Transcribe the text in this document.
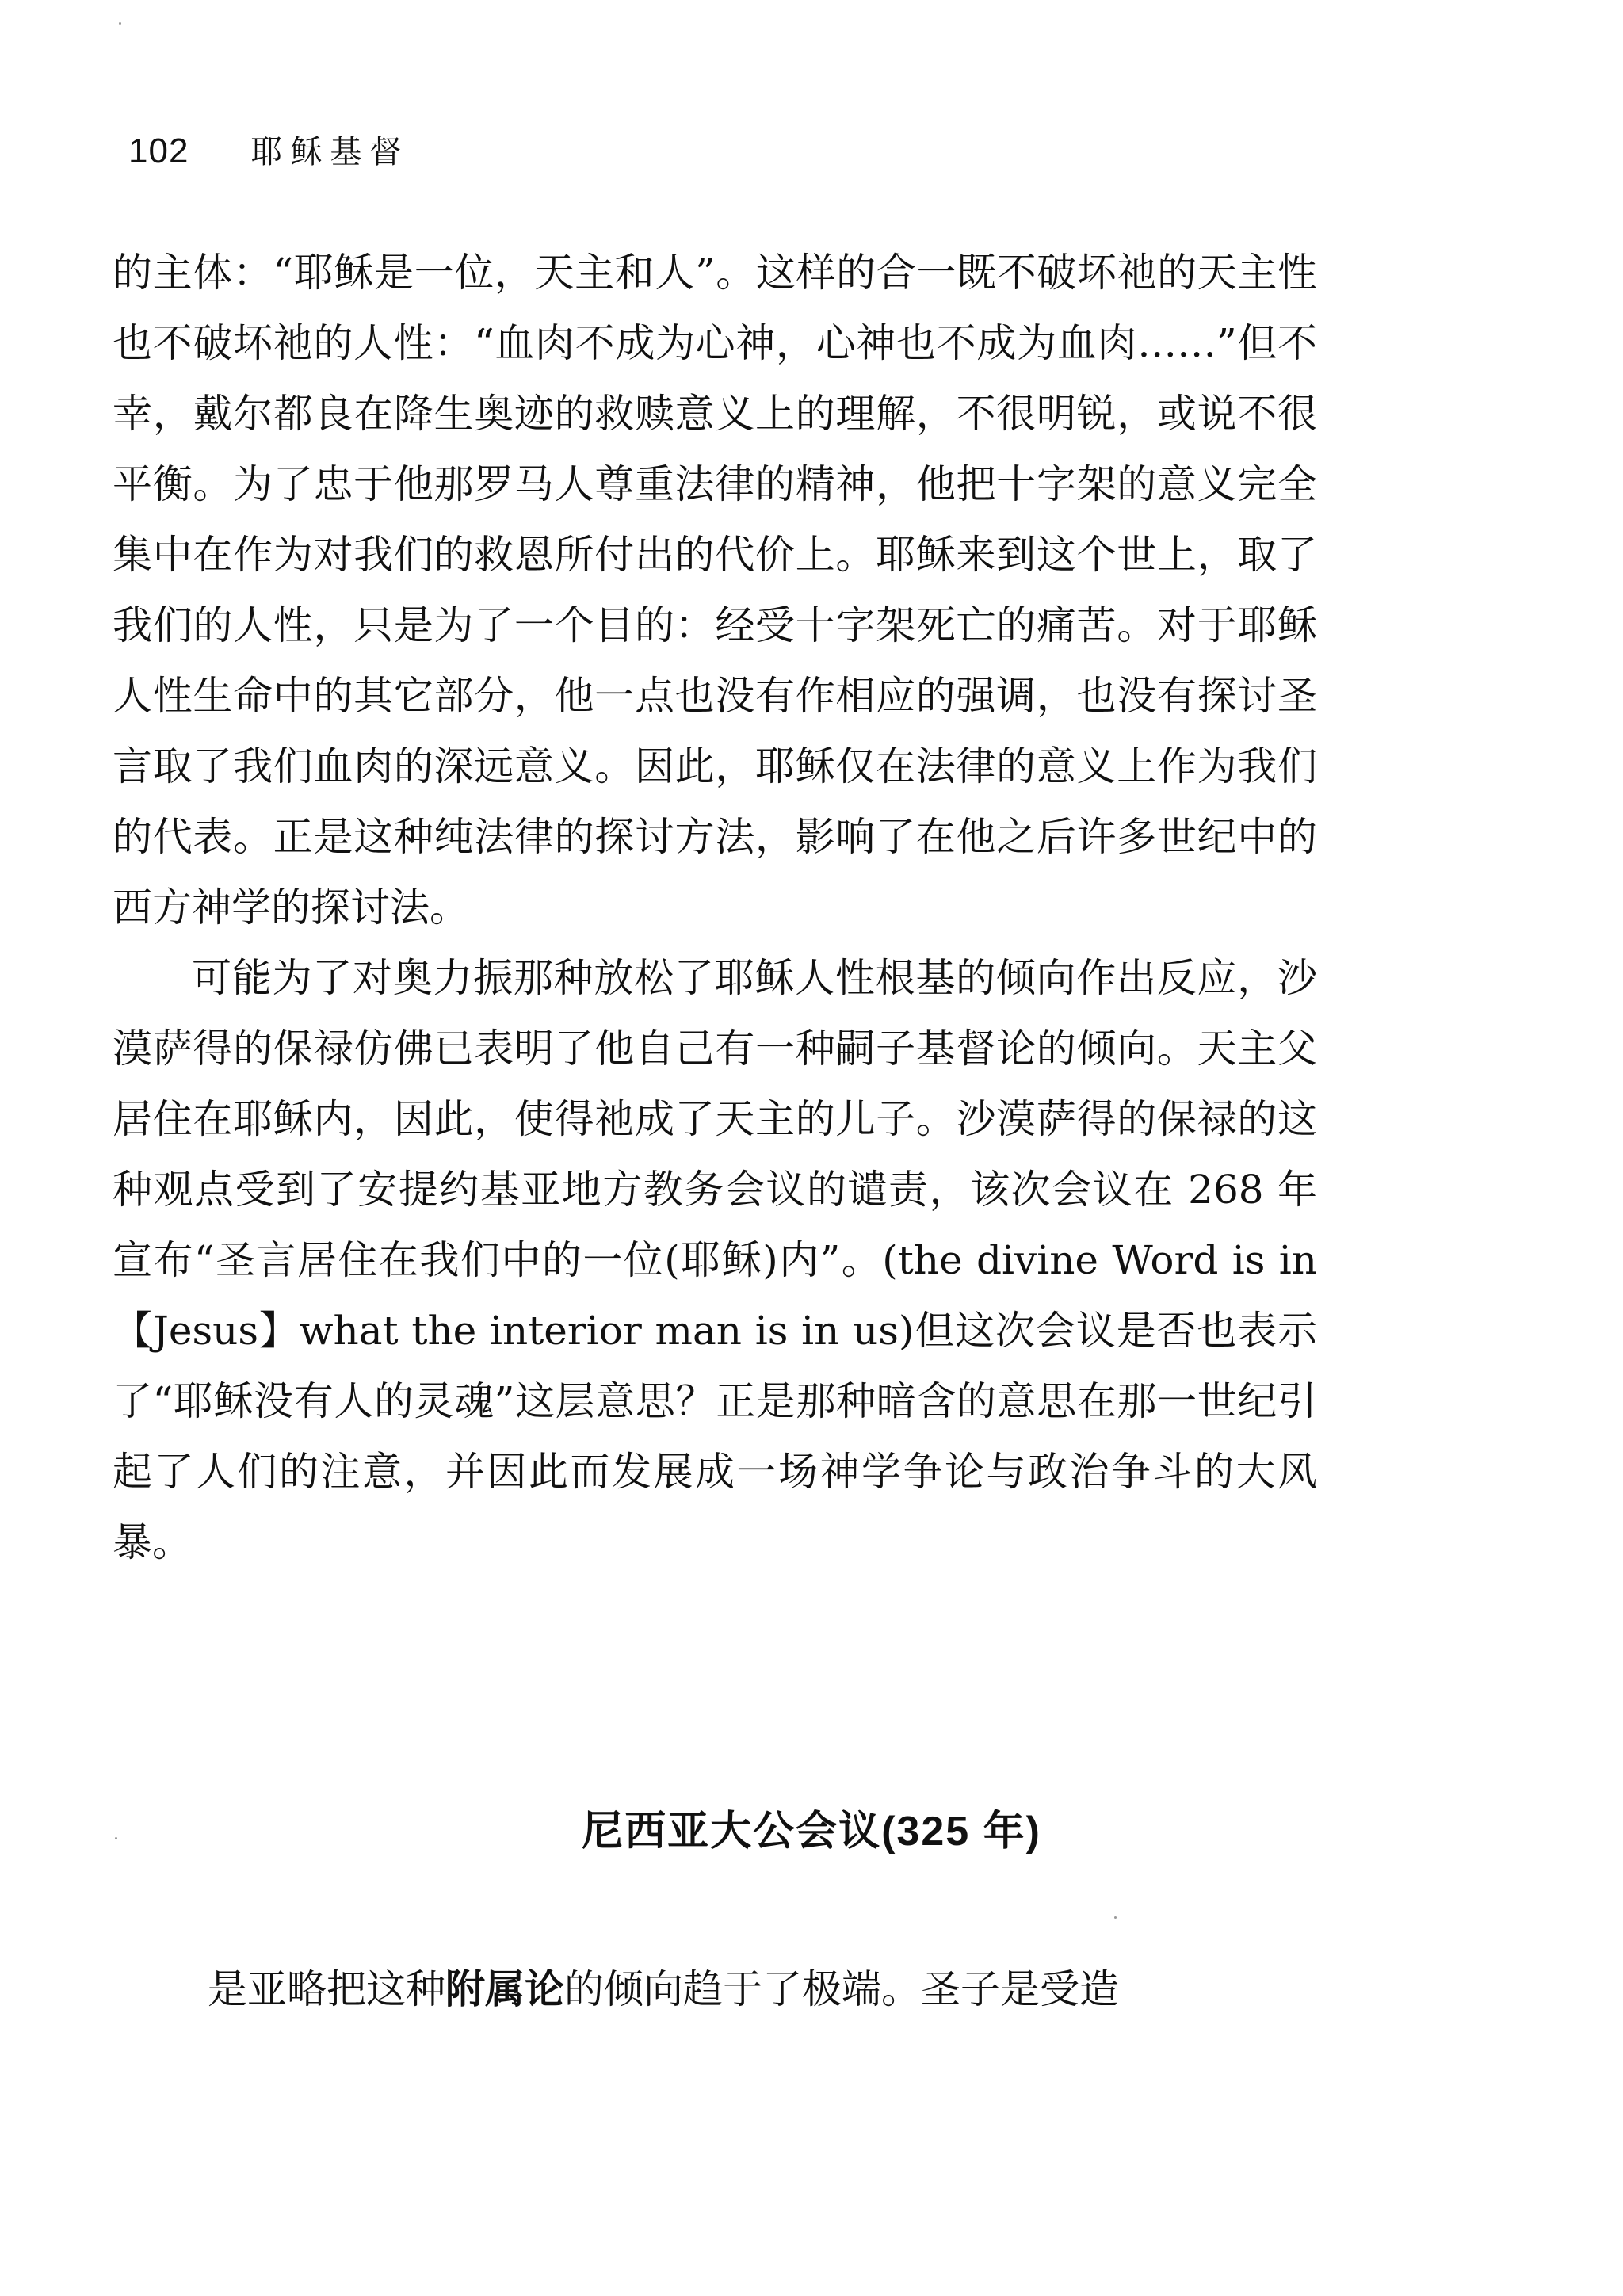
102 耶稣基督

的主体：“耶稣是一位，天主和人”。这样的合一既不破坏祂的天主性也不破坏祂的人性：“血肉不成为心神，心神也不成为血肉……”但不幸，戴尔都良在降生奥迹的救赎意义上的理解，不很明锐，或说不很平衡。为了忠于他那罗马人尊重法律的精神，他把十字架的意义完全集中在作为对我们的救恩所付出的代价上。耶稣来到这个世上，取了我们的人性，只是为了一个目的：经受十字架死亡的痛苦。对于耶稣人性生命中的其它部分，他一点也没有作相应的强调，也没有探讨圣言取了我们血肉的深远意义。因此，耶稣仅在法律的意义上作为我们的代表。正是这种纯法律的探讨方法，影响了在他之后许多世纪中的西方神学的探讨法。

可能为了对奥力振那种放松了耶稣人性根基的倾向作出反应，沙漠萨得的保禄仿佛已表明了他自己有一种嗣子基督论的倾向。天主父居住在耶稣内，因此，使得祂成了天主的儿子。沙漠萨得的保禄的这种观点受到了安提约基亚地方教务会议的谴责，该次会议在 268 年宣布“圣言居住在我们中的一位(耶稣)内”。(the divine Word is in【Jesus】what the interior man is in us)但这次会议是否也表示了“耶稣没有人的灵魂”这层意思？正是那种暗含的意思在那一世纪引起了人们的注意，并因此而发展成一场神学争论与政治争斗的大风暴。

尼西亚大公会议(325 年)
是亚略把这种附属论的倾向趋于了极端。圣子是受造
